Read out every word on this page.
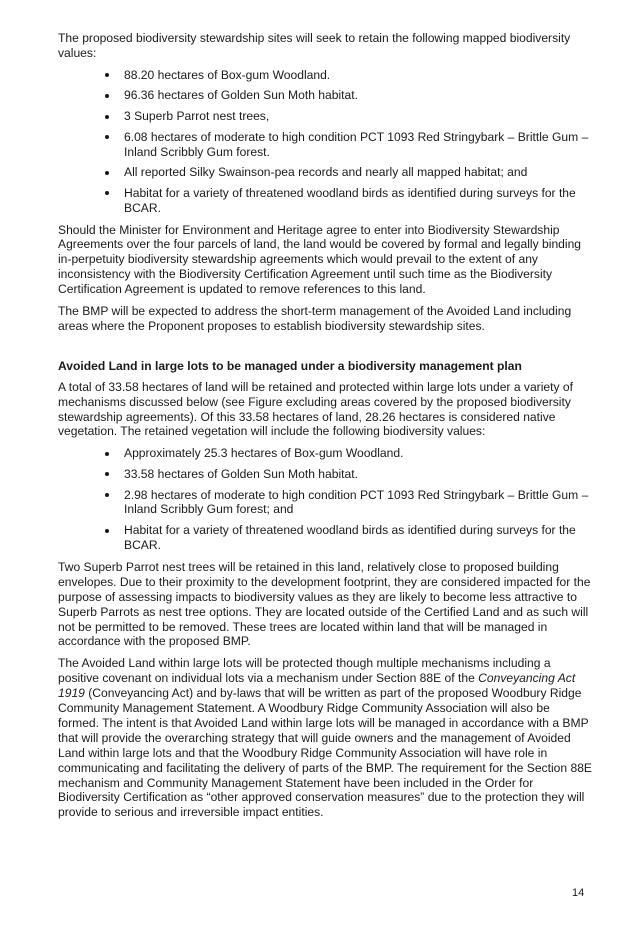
The proposed biodiversity stewardship sites will seek to retain the following mapped biodiversity values:

88.20 hectares of Box-gum Woodland.
96.36 hectares of Golden Sun Moth habitat.
3 Superb Parrot nest trees,
6.08 hectares of moderate to high condition PCT 1093 Red Stringybark – Brittle Gum – Inland Scribbly Gum forest.
All reported Silky Swainson-pea records and nearly all mapped habitat; and
Habitat for a variety of threatened woodland birds as identified during surveys for the BCAR.

Should the Minister for Environment and Heritage agree to enter into Biodiversity Stewardship Agreements over the four parcels of land, the land would be covered by formal and legally binding in-perpetuity biodiversity stewardship agreements which would prevail to the extent of any inconsistency with the Biodiversity Certification Agreement until such time as the Biodiversity Certification Agreement is updated to remove references to this land.

The BMP will be expected to address the short-term management of the Avoided Land including areas where the Proponent proposes to establish biodiversity stewardship sites.

Avoided Land in large lots to be managed under a biodiversity management plan

A total of 33.58 hectares of land will be retained and protected within large lots under a variety of mechanisms discussed below (see Figure excluding areas covered by the proposed biodiversity stewardship agreements). Of this 33.58 hectares of land, 28.26 hectares is considered native vegetation. The retained vegetation will include the following biodiversity values:

Approximately 25.3 hectares of Box-gum Woodland.
33.58 hectares of Golden Sun Moth habitat.
2.98 hectares of moderate to high condition PCT 1093 Red Stringybark – Brittle Gum – Inland Scribbly Gum forest; and
Habitat for a variety of threatened woodland birds as identified during surveys for the BCAR.

Two Superb Parrot nest trees will be retained in this land, relatively close to proposed building envelopes. Due to their proximity to the development footprint, they are considered impacted for the purpose of assessing impacts to biodiversity values as they are likely to become less attractive to Superb Parrots as nest tree options. They are located outside of the Certified Land and as such will not be permitted to be removed. These trees are located within land that will be managed in accordance with the proposed BMP.

The Avoided Land within large lots will be protected though multiple mechanisms including a positive covenant on individual lots via a mechanism under Section 88E of the Conveyancing Act 1919 (Conveyancing Act) and by-laws that will be written as part of the proposed Woodbury Ridge Community Management Statement. A Woodbury Ridge Community Association will also be formed. The intent is that Avoided Land within large lots will be managed in accordance with a BMP that will provide the overarching strategy that will guide owners and the management of Avoided Land within large lots and that the Woodbury Ridge Community Association will have role in communicating and facilitating the delivery of parts of the BMP. The requirement for the Section 88E mechanism and Community Management Statement have been included in the Order for Biodiversity Certification as “other approved conservation measures” due to the protection they will provide to serious and irreversible impact entities.

14
